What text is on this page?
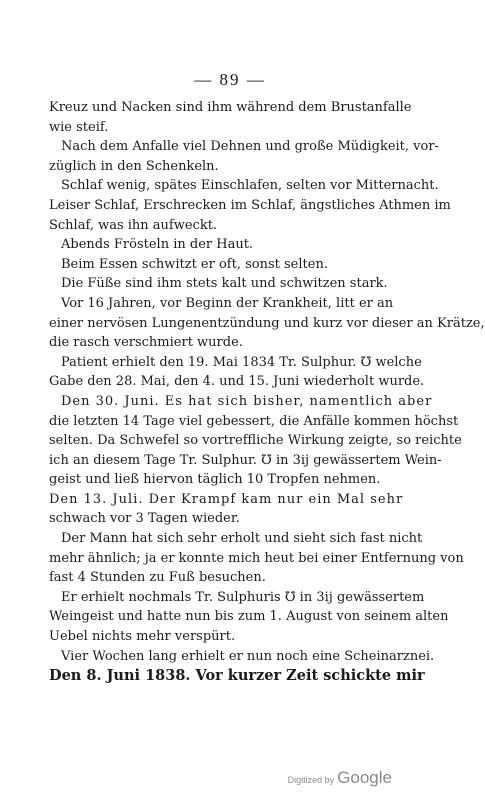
— 89 —
Kreuz und Nacken sind ihm während dem Brustanfalle
wie steif.
Nach dem Anfalle viel Dehnen und große Müdigkeit, vor-
züglich in den Schenkeln.
Schlaf wenig, spätes Einschlafen, selten vor Mitternacht.
Leiser Schlaf, Erschrecken im Schlaf, ängstliches Athmen im
Schlaf, was ihn aufweckt.
Abends Frösteln in der Haut.
Beim Essen schwitzt er oft, sonst selten.
Die Füße sind ihm stets kalt und schwitzen stark.
Vor 16 Jahren, vor Beginn der Krankheit, litt er an
einer nervösen Lungenentzündung und kurz vor dieser an Krätze,
die rasch verschmiert wurde.
Patient erhielt den 19. Mai 1834 Tr. Sulphur. ℧ welche
Gabe den 28. Mai, den 4. und 15. Juni wiederholt wurde.
Den 30. Juni. Es hat sich bisher, namentlich aber
die letzten 14 Tage viel gebessert, die Anfälle kommen höchst
selten. Da Schwefel so vortreffliche Wirkung zeigte, so reichte
ich an diesem Tage Tr. Sulphur. ℧ in 3ij gewässertem Wein-
geist und ließ hiervon täglich 10 Tropfen nehmen.
Den 13. Juli. Der Krampf kam nur ein Mal sehr
schwach vor 3 Tagen wieder.
Der Mann hat sich sehr erholt und sieht sich fast nicht
mehr ähnlich; ja er konnte mich heut bei einer Entfernung von
fast 4 Stunden zu Fuß besuchen.
Er erhielt nochmals Tr. Sulphuris ℧ in 3ij gewässertem
Weingeist und hatte nun bis zum 1. August von seinem alten
Uebel nichts mehr verspürt.
Vier Wochen lang erhielt er nun noch eine Scheinarznei.
Den 8. Juni 1838. Vor kurzer Zeit schickte mir
Digitized by Google
